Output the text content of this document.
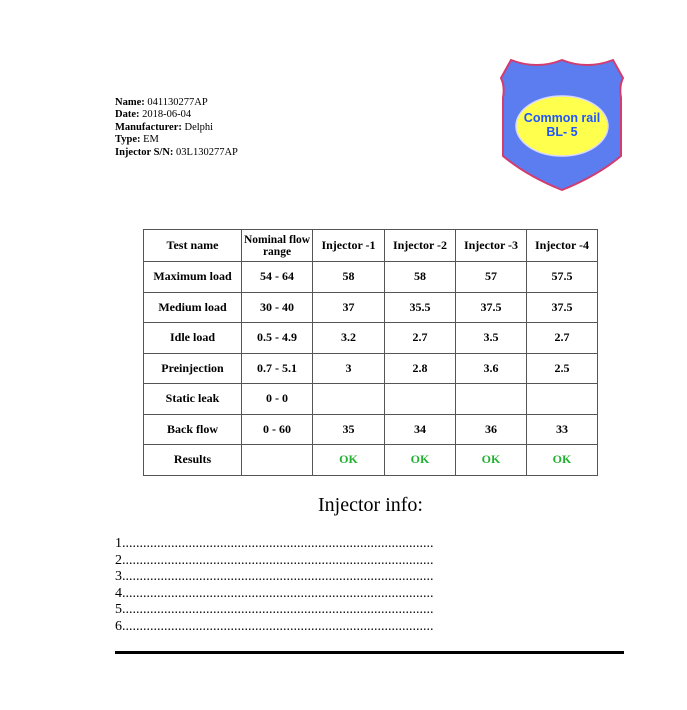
Name: 041130277AP
Date: 2018-06-04
Manufacturer: Delphi
Type: EM
Injector S/N: 03L130277AP
Common rail
BL- 5
Test name	Nominal flow range	Injector -1	Injector -2	Injector -3	Injector -4
Maximum load	54 - 64	58	58	57	57.5
Medium load	30 - 40	37	35.5	37.5	37.5
Idle load	0.5 - 4.9	3.2	2.7	3.5	2.7
Preinjection	0.7 - 5.1	3	2.8	3.6	2.5
Static leak	0 - 0				
Back flow	0 - 60	35	34	36	33
Results		OK	OK	OK	OK
Injector info:
1.........................................................................................
2.........................................................................................
3.........................................................................................
4.........................................................................................
5.........................................................................................
6.........................................................................................
